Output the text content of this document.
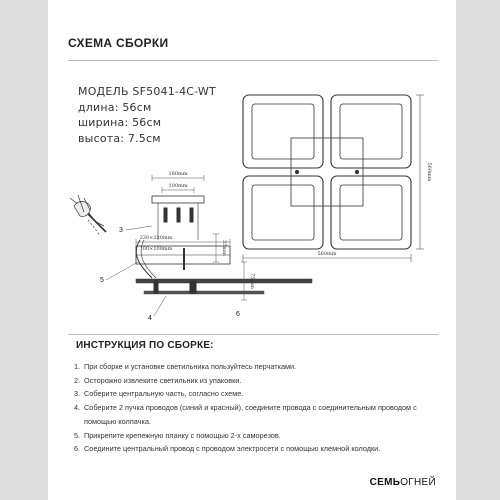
СХЕМА СБОРКИ
МОДЕЛЬ SF5041-4C-WT
длина: 56см
ширина: 56см
высота: 7.5см
560mm
560mm
180mm
100mm
230×230mm
100×100mm	55mm
75mm
3
4
5
6
ИНСТРУКЦИЯ ПО СБОРКЕ:
1. При сборке и установке светильника пользуйтесь перчатками.
2. Осторожно извлеките светильник из упаковки.
3. Соберите центральную часть, согласно схеме.
4. Соберите 2 пучка проводов (синий и красный), соедините провода с соединительным проводом с помощью колпачка.
5. Прикрепите крепежную планку с помощью 2-х саморезов.
6. Соедините центральный провод с проводом электросети с помощью клемной колодки.
СЕМЬОГНЕЙ
